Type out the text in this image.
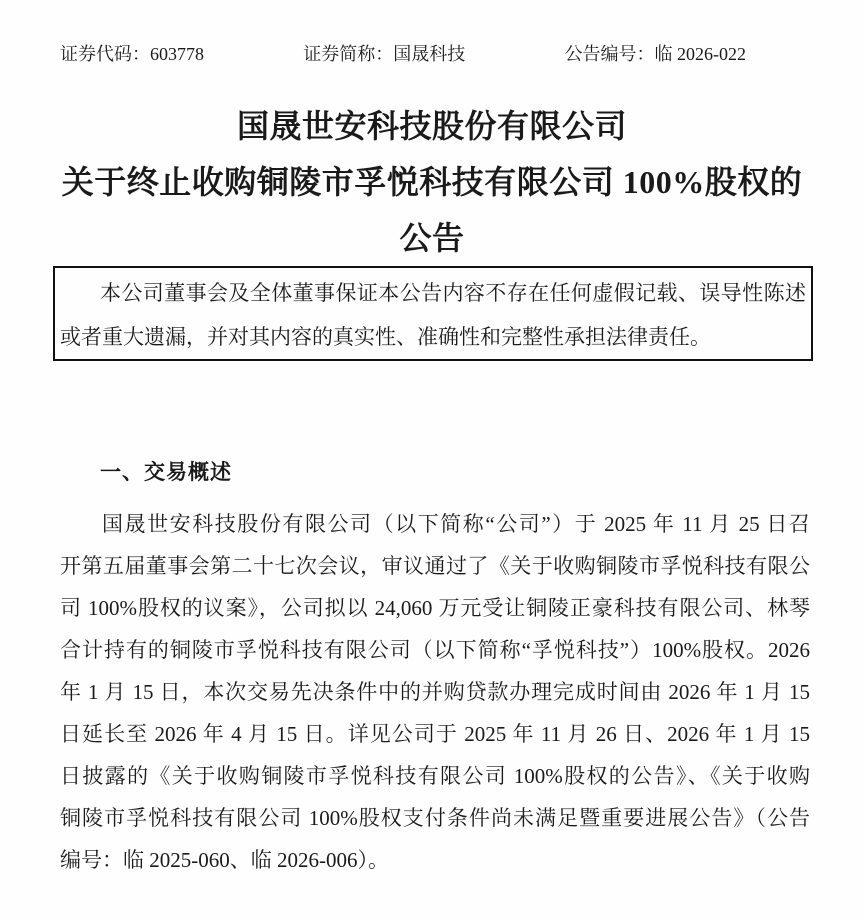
证券代码：603778	证券简称：国晟科技	公告编号：临 2026-022
国晟世安科技股份有限公司
关于终止收购铜陵市孚悦科技有限公司 100%股权的
公告
本公司董事会及全体董事保证本公告内容不存在任何虚假记载、误导性陈述
或者重大遗漏，并对其内容的真实性、准确性和完整性承担法律责任。
一、交易概述
国晟世安科技股份有限公司（以下简称“公司”）于 2025 年 11 月 25 日召
开第五届董事会第二十七次会议，审议通过了《关于收购铜陵市孚悦科技有限公
司 100%股权的议案》，公司拟以 24,060 万元受让铜陵正豪科技有限公司、林琴
合计持有的铜陵市孚悦科技有限公司（以下简称“孚悦科技”）100%股权。2026
年 1 月 15 日，本次交易先决条件中的并购贷款办理完成时间由 2026 年 1 月 15
日延长至 2026 年 4 月 15 日。详见公司于 2025 年 11 月 26 日、2026 年 1 月 15
日披露的《关于收购铜陵市孚悦科技有限公司 100%股权的公告》、《关于收购
铜陵市孚悦科技有限公司 100%股权支付条件尚未满足暨重要进展公告》（公告
编号：临 2025-060、临 2026-006）。
